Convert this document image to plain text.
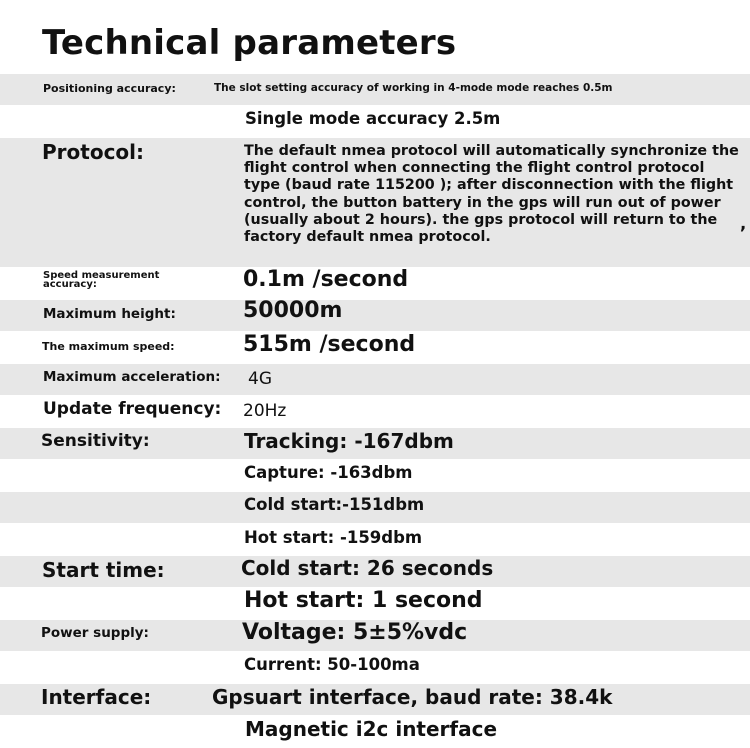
Technical parameters
Positioning accuracy:	The slot setting accuracy of working in 4-mode mode reaches 0.5m
Single mode accuracy 2.5m
Protocol:	The default nmea protocol will automatically synchronize the flight control when connecting the flight control protocol type (baud rate 115200 ); after disconnection with the flight control, the button battery in the gps will run out of power (usually about 2 hours). the gps protocol will return to the factory default nmea protocol.
,
Speed measurement accuracy:	0.1m /second
Maximum height:	50000m
The maximum speed:	515m /second
Maximum acceleration: 4G
Update frequency: 20Hz
Sensitivity:	Tracking: -167dbm
Capture: -163dbm
Cold start:-151dbm
Hot start: -159dbm
Start time:	Cold start: 26 seconds
Hot start: 1 second
Power supply:	Voltage: 5±5%vdc
Current: 50-100ma
Interface:	Gpsuart interface, baud rate: 38.4k
Magnetic i2c interface
